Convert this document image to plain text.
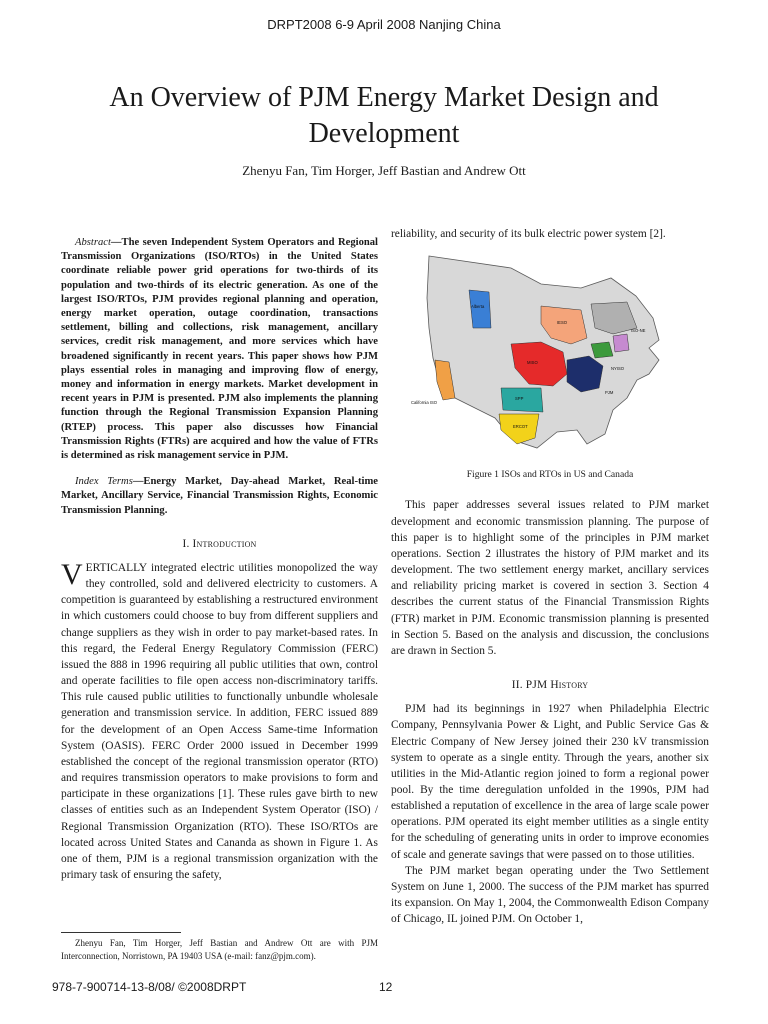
DRPT2008 6-9 April 2008 Nanjing China
An Overview of PJM Energy Market Design and Development
Zhenyu Fan, Tim Horger, Jeff Bastian and Andrew Ott

Abstract—The seven Independent System Operators and Regional Transmission Organizations (ISO/RTOs) in the United States coordinate reliable power grid operations for two-thirds of its population and two-thirds of its electric generation. As one of the largest ISO/RTOs, PJM provides regional planning and operation, energy market operation, outage coordination, transactions settlement, billing and collections, risk management, ancillary services, credit risk management, and more services which have broadened significantly in recent years. This paper shows how PJM plays essential roles in managing and improving flow of energy, money and information in energy markets. Market development in recent years in PJM is presented. PJM also implements the planning function through the Regional Transmission Expansion Planning (RTEP) process. This paper also discusses how Financial Transmission Rights (FTRs) are acquired and how the value of FTRs is determined as risk management service in PJM.

Index Terms—Energy Market, Day-ahead Market, Real-time Market, Ancillary Service, Financial Transmission Rights, Economic Transmission Planning.

I. Introduction

VERTICALLY integrated electric utilities monopolized the way they controlled, sold and delivered electricity to customers. A competition is guaranteed by establishing a restructured environment in which customers could choose to buy from different suppliers and change suppliers as they wish in order to pay market-based rates. In this regard, the Federal Energy Regulatory Commission (FERC) issued the 888 in 1996 requiring all public utilities that own, control and operate facilities to file open access non-discriminatory tariffs. This rule caused public utilities to functionally unbundle wholesale generation and transmission service. In addition, FERC issued 889 for the development of an Open Access Same-time Information System (OASIS). FERC Order 2000 issued in December 1999 established the concept of the regional transmission operator (RTO) and requires transmission operators to make provisions to form and participate in these organizations [1]. These rules gave birth to new classes of entities such as an Independent System Operator (ISO) / Regional Transmission Organization (RTO). These ISO/RTOs are located across United States and Cananda as shown in Figure 1. As one of them, PJM is a regional transmission organization with the primary task of ensuring the safety,

reliability, and security of its bulk electric power system [2].

Alberta
MISO
ISO-NE
NYISO
PJM
SPP
ERCOT
California ISO
IESO
Figure 1 ISOs and RTOs in US and Canada

This paper addresses several issues related to PJM market development and economic transmission planning. The purpose of this paper is to highlight some of the principles in PJM market operations. Section 2 illustrates the history of PJM market and its development. The two settlement energy market, ancillary services and reliability pricing market is covered in section 3. Section 4 describes the current status of the Financial Transmission Rights (FTR) market in PJM. Economic transmission planning is presented in Section 5. Based on the analysis and discussion, the conclusions are drawn in Section 5.

II. PJM History

PJM had its beginnings in 1927 when Philadelphia Electric Company, Pennsylvania Power & Light, and Public Service Gas & Electric Company of New Jersey joined their 230 kV transmission system to operate as a single entity. Through the years, another six utilities in the Mid-Atlantic region joined to form a regional power pool. By the time deregulation unfolded in the 1990s, PJM had established a reputation of excellence in the area of large scale power operations. PJM operated its eight member utilities as a single entity for the scheduling of generating units in order to improve economies of scale and generate savings that were passed on to those utilities.

The PJM market began operating under the Two Settlement System on June 1, 2000. The success of the PJM market has spurred its expansion. On May 1, 2004, the Commonwealth Edison Company of Chicago, IL joined PJM. On October 1,

Zhenyu Fan, Tim Horger, Jeff Bastian and Andrew Ott are with PJM Interconnection, Norristown, PA 19403 USA (e-mail: fanz@pjm.com).
978-7-900714-13-8/08/ ©2008DRPT	12
